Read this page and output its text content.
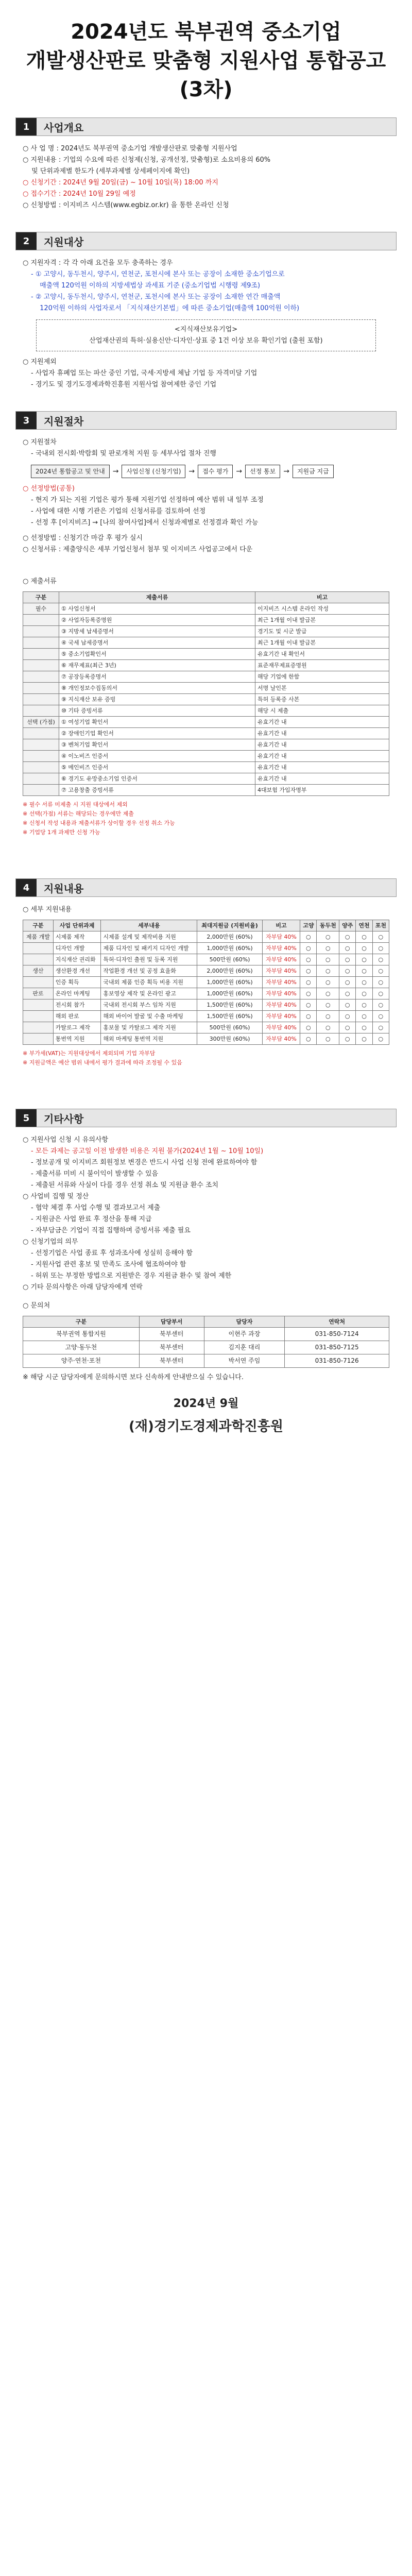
2024년도 북부권역 중소기업
개발생산판로 맞춤형 지원사업 통합공고(3차)
1	사업개요
○ 사 업 명 : 2024년도 북부권역 중소기업 개발생산판로 맞춤형 지원사업
○ 지원내용 : 기업의 수요에 따른 신청제(신청, 공개선정, 맞춤형)로 소요비용의 60%
　 및 단위과제별 한도가 (세부과제별 상세페이지에 확인)
○ 신청기간 : 2024년 9월 20일(금) ~ 10월 10일(목) 18:00 까지
○ 접수기간 : 2024년 10월 29일 예정
○ 신청방법 : 이지비즈 시스템(www.egbiz.or.kr) 을 통한 온라인 신청
2	지원대상
○ 지원자격 : 각 각 아래 요건을 모두 충족하는 경우
- ① 고양시, 동두천시, 양주시, 연천군, 포천시에 본사 또는 공장이 소재한 중소기업으로
　 매출액 120억원 이하의 지방세법상 과세표 기준 (중소기업법 시행령 제9조)
- ② 고양시, 동두천시, 양주시, 연천군, 포천시에 본사 또는 공장이 소재한 연간 매출액
　 120억원 이하의 사업자로서 「지식재산기본법」에 따른 중소기업(매출액 100억원 이하)
<지식재산보유기업>
산업재산권의 특허·실용신안·디자인·상표 중 1건 이상 보유 확인기업 (출원 포함)
○ 지원제외
- 사업자 휴폐업 또는 파산 중인 기업, 국세·지방세 체납 기업 등 자격미달 기업
- 경기도 및 경기도경제과학진흥원 지원사업 참여제한 중인 기업
3	지원절차
○ 지원절차
- 국내외 전시회·박람회 및 판로개척 지원 등 세부사업 절차 진행
2024년 통합공고 및 안내	→	사업신청 (신청기업)	→	접수 평가	→	선정 통보	→	지원금 지급
○ 선정방법(공통)
- 현지 가 되는 지원 기업은 평가 통해 지원기업 선정하며 예산 범위 내 일부 조정
- 사업에 대한 시행 기관은 기업의 신청서류를 검토하여 선정
- 선정 후 [이지비즈] → [나의 참여사업]에서 신청과제별로 선정결과 확인 가능
○ 선정방법 : 신청기간 마감 후 평가 실시
○ 신청서류 : 제출양식은 세부 기업신청서 첨부 및 이지비즈 사업공고에서 다운
○ 제출서류
구분	제출서류	비고
필수	① 사업신청서	이지비즈 시스템 온라인 작성
	② 사업자등록증명원	최근 1개월 이내 발급본
	③ 지방세 납세증명서	경기도 및 시군 발급
	④ 국세 납세증명서	최근 1개월 이내 발급본
	⑤ 중소기업확인서	유효기간 내 확인서
	⑥ 재무제표(최근 3년)	표준재무제표증명원
	⑦ 공장등록증명서	해당 기업에 한함
	⑧ 개인정보수집동의서	서명 날인본
	⑨ 지식재산 보유 증빙	특허 등록증 사본
	⑩ 기타 증빙서류	해당 시 제출
선택 (가점)	① 여성기업 확인서	유효기간 내
	② 장애인기업 확인서	유효기간 내
	③ 벤처기업 확인서	유효기간 내
	④ 이노비즈 인증서	유효기간 내
	⑤ 메인비즈 인증서	유효기간 내
	⑥ 경기도 유망중소기업 인증서	유효기간 내
	⑦ 고용창출 증빙서류	4대보험 가입자명부
※ 필수 서류 미제출 시 지원 대상에서 제외
※ 선택(가점) 서류는 해당되는 경우에만 제출
※ 신청서 작성 내용과 제출서류가 상이할 경우 선정 취소 가능
※ 기업당 1개 과제만 신청 가능
4	지원내용
○ 세부 지원내용
구분	사업 단위과제	세부내용	최대지원금 (지원비율)	비고	고양	동두천	양주	연천	포천
제품 개발	시제품 제작	시제품 설계 및 제작비용 지원	2,000만원 (60%)	자부담 40%	○	○	○	○	○
	디자인 개발	제품 디자인 및 패키지 디자인 개발	1,000만원 (60%)	자부담 40%	○	○	○	○	○
	지식재산 권리화	특허·디자인 출원 및 등록 지원	500만원 (60%)	자부담 40%	○	○	○	○	○
생산	생산환경 개선	작업환경 개선 및 공정 효율화	2,000만원 (60%)	자부담 40%	○	○	○	○	○
	인증 획득	국내외 제품 인증 획득 비용 지원	1,000만원 (60%)	자부담 40%	○	○	○	○	○
판로	온라인 마케팅	홍보영상 제작 및 온라인 광고	1,000만원 (60%)	자부담 40%	○	○	○	○	○
	전시회 참가	국내외 전시회 부스 임차 지원	1,500만원 (60%)	자부담 40%	○	○	○	○	○
	해외 판로	해외 바이어 발굴 및 수출 마케팅	1,500만원 (60%)	자부담 40%	○	○	○	○	○
	카탈로그 제작	홍보물 및 카탈로그 제작 지원	500만원 (60%)	자부담 40%	○	○	○	○	○
	통번역 지원	해외 마케팅 통번역 지원	300만원 (60%)	자부담 40%	○	○	○	○	○
※ 부가세(VAT)는 지원대상에서 제외되며 기업 자부담
※ 지원금액은 예산 범위 내에서 평가 결과에 따라 조정될 수 있음
5	기타사항
○ 지원사업 신청 시 유의사항
- 모든 과제는 공고일 이전 발생한 비용은 지원 불가(2024년 1월 ~ 10월 10일)
- 정보공개 및 이지비즈 회원정보 변경은 반드시 사업 신청 전에 완료하여야 함
- 제출서류 미비 시 불이익이 발생할 수 있음
- 제출된 서류와 사실이 다를 경우 선정 취소 및 지원금 환수 조치
○ 사업비 집행 및 정산
- 협약 체결 후 사업 수행 및 결과보고서 제출
- 지원금은 사업 완료 후 정산을 통해 지급
- 자부담금은 기업이 직접 집행하며 증빙서류 제출 필요
○ 신청기업의 의무
- 선정기업은 사업 종료 후 성과조사에 성실히 응해야 함
- 지원사업 관련 홍보 및 만족도 조사에 협조하여야 함
- 허위 또는 부정한 방법으로 지원받은 경우 지원금 환수 및 참여 제한
○ 기타 문의사항은 아래 담당자에게 연락
○ 문의처
구분	담당부서	담당자	연락처
북부권역 통합지원	북부센터	이현주 과장	031-850-7124
고양·동두천	북부센터	김지훈 대리	031-850-7125
양주·연천·포천	북부센터	박서연 주임	031-850-7126
※ 해당 시군 담당자에게 문의하시면 보다 신속하게 안내받으실 수 있습니다.
2024년 9월
(재)경기도경제과학진흥원
